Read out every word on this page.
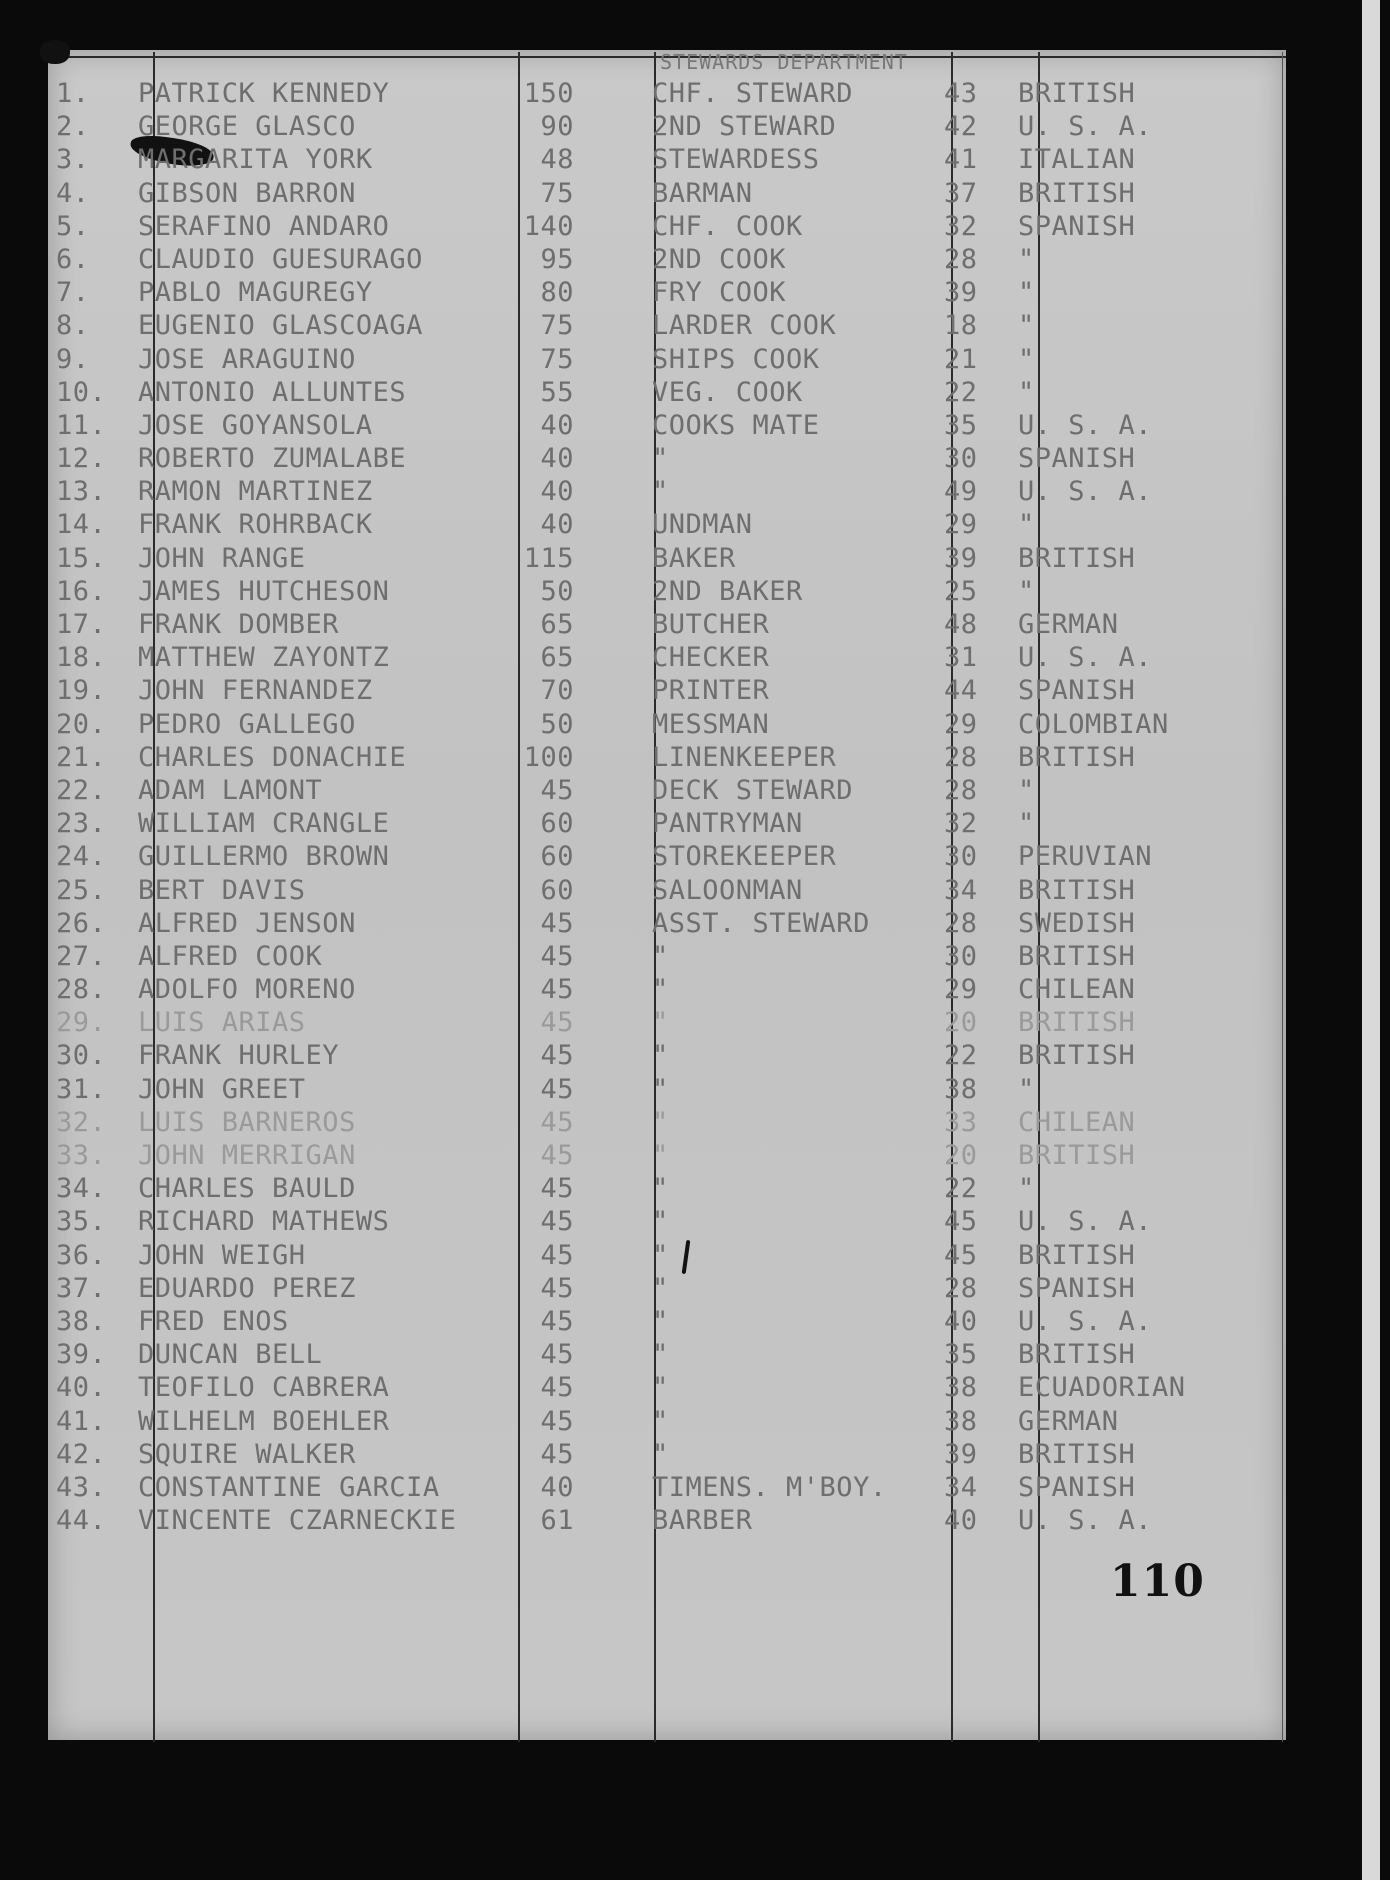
STEWARDS DEPARTMENT
1.	PATRICK KENNEDY	150	CHF. STEWARD	43	BRITISH
2.	GEORGE GLASCO	90	2ND STEWARD	42	U. S. A.
3.	MARGARITA YORK	48	STEWARDESS	41	ITALIAN
4.	GIBSON BARRON	75	BARMAN	37	BRITISH
5.	SERAFINO ANDARO	140	CHF. COOK	32	SPANISH
6.	CLAUDIO GUESURAGO	95	2ND COOK	28	"
7.	PABLO MAGUREGY	80	FRY COOK	39	"
8.	EUGENIO GLASCOAGA	75	LARDER COOK	18	"
9.	JOSE ARAGUINO	75	SHIPS COOK	21	"
10.	ANTONIO ALLUNTES	55	VEG. COOK	22	"
11.	JOSE GOYANSOLA	40	COOKS MATE	35	U. S. A.
12.	ROBERTO ZUMALABE	40	"	30	SPANISH
13.	RAMON MARTINEZ	40	"	49	U. S. A.
14.	FRANK ROHRBACK	40	UNDMAN	29	"
15.	JOHN RANGE	115	BAKER	39	BRITISH
16.	JAMES HUTCHESON	50	2ND BAKER	25	"
17.	FRANK DOMBER	65	BUTCHER	48	GERMAN
18.	MATTHEW ZAYONTZ	65	CHECKER	31	U. S. A.
19.	JOHN FERNANDEZ	70	PRINTER	44	SPANISH
20.	PEDRO GALLEGO	50	MESSMAN	29	COLOMBIAN
21.	CHARLES DONACHIE	100	LINENKEEPER	28	BRITISH
22.	ADAM LAMONT	45	DECK STEWARD	28	"
23.	WILLIAM CRANGLE	60	PANTRYMAN	32	"
24.	GUILLERMO BROWN	60	STOREKEEPER	30	PERUVIAN
25.	BERT DAVIS	60	SALOONMAN	34	BRITISH
26.	ALFRED JENSON	45	ASST. STEWARD	28	SWEDISH
27.	ALFRED COOK	45	"	30	BRITISH
28.	ADOLFO MORENO	45	"	29	CHILEAN
29.	LUIS ARIAS	45	"	20	BRITISH
30.	FRANK HURLEY	45	"	22	BRITISH
31.	JOHN GREET	45	"	38	"
32.	LUIS BARNEROS	45	"	33	CHILEAN
33.	JOHN MERRIGAN	45	"	20	BRITISH
34.	CHARLES BAULD	45	"	22	"
35.	RICHARD MATHEWS	45	"	45	U. S. A.
36.	JOHN WEIGH	45	"	45	BRITISH
37.	EDUARDO PEREZ	45	"	28	SPANISH
38.	FRED ENOS	45	"	40	U. S. A.
39.	DUNCAN BELL	45	"	35	BRITISH
40.	TEOFILO CABRERA	45	"	38	ECUADORIAN
41.	WILHELM BOEHLER	45	"	38	GERMAN
42.	SQUIRE WALKER	45	"	39	BRITISH
43.	CONSTANTINE GARCIA	40	TIMENS. M'BOY.	34	SPANISH
44.	VINCENTE CZARNECKIE	61	BARBER	40	U. S. A.
110
